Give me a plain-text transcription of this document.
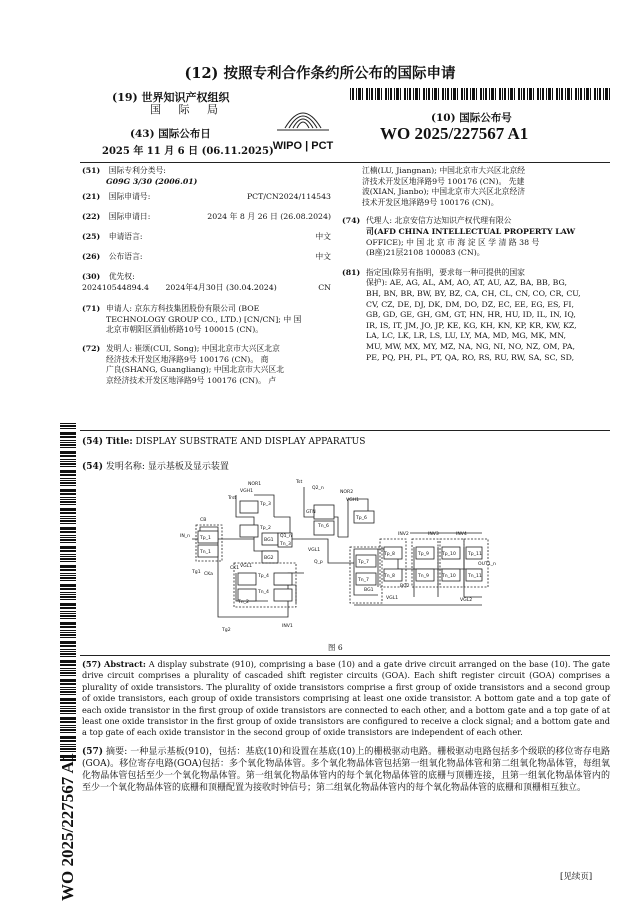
(12) 按照专利合作条约所公布的国际申请
(19) 世界知识产权组织
国 际 局
(43) 国际公布日
2025 年 11 月 6 日 (06.11.2025) WIPO | PCT
(10) 国际公布号
WO 2025/227567 A1
(51) 国际专利分类号:
G09G 3/30 (2006.01)
(21) 国际申请号:	PCT/CN2024/114543
(22) 国际申请日:	2024 年 8 月 26 日 (26.08.2024)
(25) 申请语言:	中文
(26) 公布语言:	中文
(30) 优先权:
202410544894.4 2024年4月30日 (30.04.2024)	CN
(71) 申请人: 京东方科技集团股份有限公司 (BOE
TECHNOLOGY GROUP CO., LTD.) [CN/CN]; 中 国
北京市朝阳区酒仙桥路10号 100015 (CN)。
(72) 发明人: 崔颂(CUI, Song); 中国北京市大兴区北京
经济技术开发区地泽路9号 100176 (CN)。 商
广良(SHANG, Guangliang); 中国北京市大兴区北
京经济技术开发区地泽路9号 100176 (CN)。 卢
江楠(LU, Jiangnan); 中国北京市大兴区北京经
济技术开发区地泽路9号 100176 (CN)。 先建
波(XIAN, Jianbo); 中国北京市大兴区北京经济
技术开发区地泽路9号 100176 (CN)。
(74) 代理人: 北京安信方达知识产权代理有限公
司(AFD CHINA INTELLECTUAL PROPERTY LAW
OFFICE); 中 国 北 京 市 海 淀 区 学 清 路 38 号
(B座)21层2108 100083 (CN)。
(81) 指定国(除另有指明，要求每一种可提供的国家
保护): AE, AG, AL, AM, AO, AT, AU, AZ, BA, BB, BG,
BH, BN, BR, BW, BY, BZ, CA, CH, CL, CN, CO, CR, CU,
CV, CZ, DE, DJ, DK, DM, DO, DZ, EC, EE, EG, ES, FI,
GB, GD, GE, GH, GM, GT, HN, HR, HU, ID, IL, IN, IQ,
IR, IS, IT, JM, JO, JP, KE, KG, KH, KN, KP, KR, KW, KZ,
LA, LC, LK, LR, LS, LU, LY, MA, MD, MG, MK, MN,
MU, MW, MX, MY, MZ, NA, NG, NI, NO, NZ, OM, PA,
PE, PQ, PH, PL, PT, QA, RO, RS, RU, RW, SA, SC, SD,
(54) Title: DISPLAY SUBSTRATE AND DISPLAY APPARATUS
(54) 发明名称: 显示基板及显示装置
NOR1
VGH1
Tp_3
Tp_2
Trst
IN_n Tp_1
Tn_1
CB
CKa
Tg1
BG1
BG2
Tn_3
Q1_n
Tp_4
Tn_4
Tn_2
CK1
Tg2
VGL1
INV1
Tst
Q2_n
GTN
Tn_6
VGL1
NOR2
Tp_6
Tp_7
Tn_7
Q_p
VGH1
Tp_8
Tn_8
INV2
Tp_9
Tn_9
INV3
Tp_10
Tn_10
INV4
Tp_11
Tn_11
OUT1_n
VGL1	VGL2
BG1
BG2
图 6
(57) Abstract: A display substrate (910), comprising a base (10) and a gate drive circuit arranged on the base (10). The gate drive circuit comprises a plurality of cascaded shift register circuits (GOA). Each shift register circuit (GOA) comprises a plurality of oxide transistors. The plurality of oxide transistors comprise a first group of oxide transistors and a second group of oxide transistors, each group of oxide transistors comprising at least one oxide transistor. A bottom gate and a top gate of each oxide transistor in the first group of oxide transistors are connected to each other, and a bottom gate and a top gate of at least one oxide transistor in the first group of oxide transistors are configured to receive a clock signal; and a bottom gate and a top gate of each oxide transistor in the second group of oxide transistors are independent of each other.
(57) 摘要: 一种显示基板(910)，包括：基底(10)和设置在基底(10)上的栅极驱动电路。栅极驱动电路包括多个级联的移位寄存电路(GOA)。移位寄存电路(GOA)包括：多个氧化物晶体管。多个氧化物晶体管包括第一组氧化物晶体管和第二组氧化物晶体管，每组氧化物晶体管包括至少一个氧化物晶体管。第一组氧化物晶体管内的每个氧化物晶体管的底栅与顶栅连接，且第一组氧化物晶体管内的至少一个氧化物晶体管的底栅和顶栅配置为接收时钟信号；第二组氧化物晶体管内的每个氧化物晶体管的底栅和顶栅相互独立。
WO 2025/227567 A1	[见续页]
